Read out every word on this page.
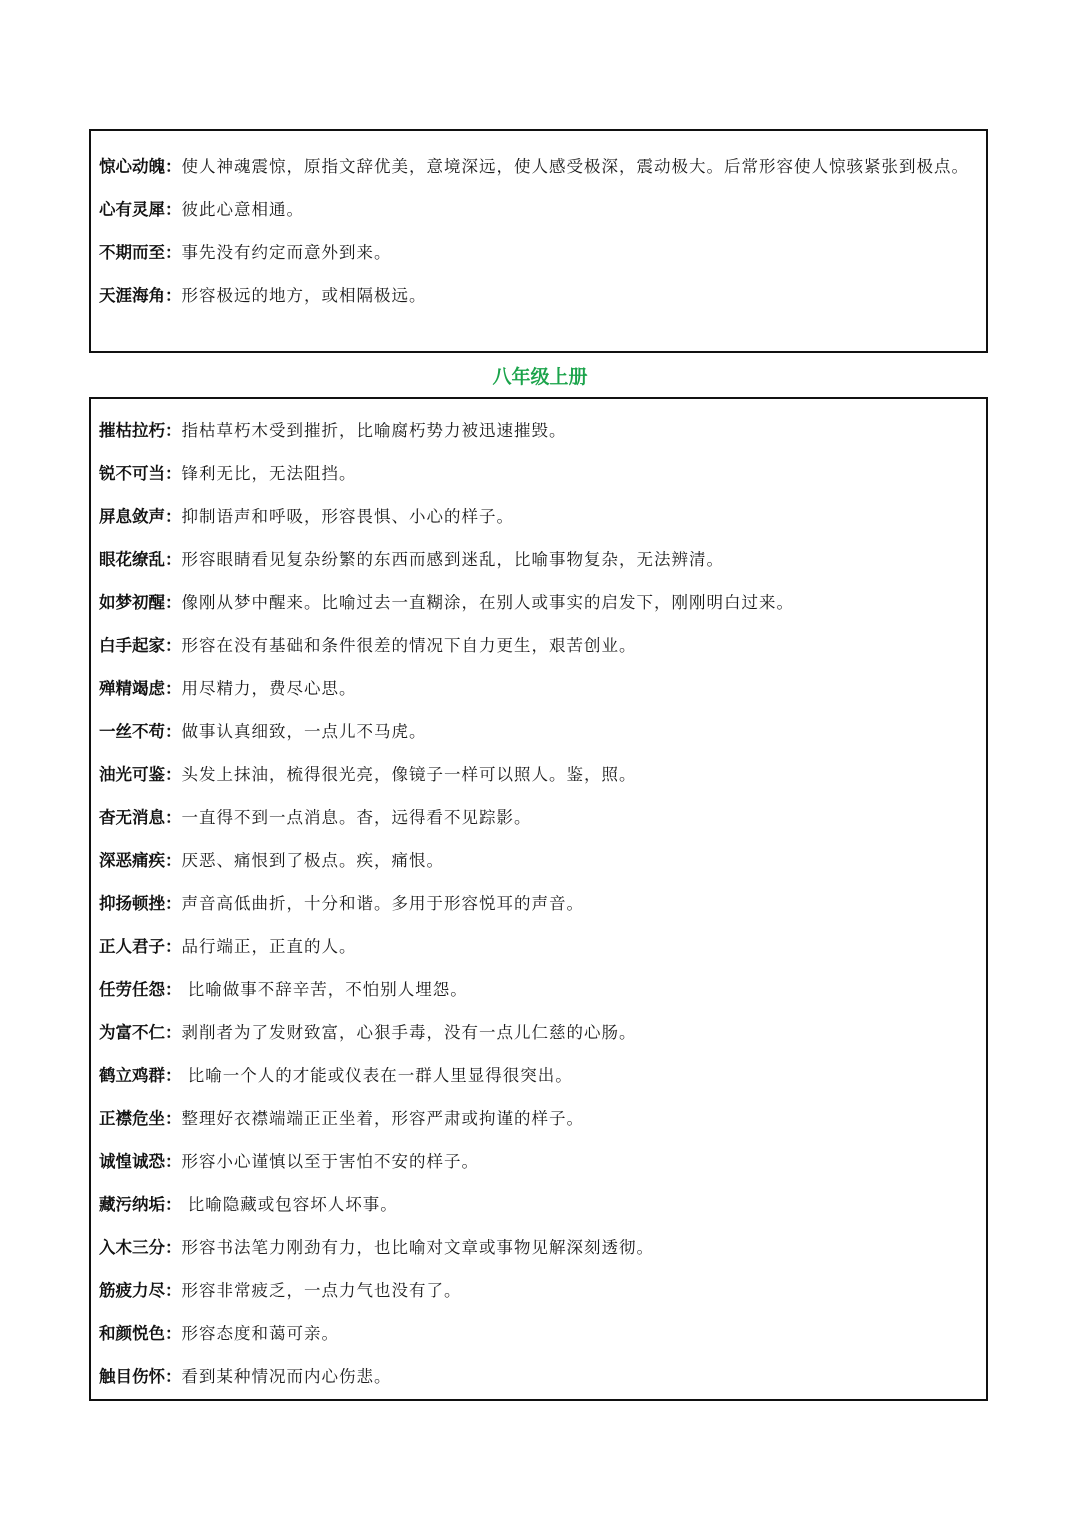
惊心动魄：使人神魂震惊，原指文辞优美，意境深远，使人感受极深，震动极大。后常形容使人惊骇紧张到极点。
心有灵犀：彼此心意相通。
不期而至：事先没有约定而意外到来。
天涯海角：形容极远的地方，或相隔极远。
八年级上册
摧枯拉朽：指枯草朽木受到摧折，比喻腐朽势力被迅速摧毁。
锐不可当：锋利无比，无法阻挡。
屏息敛声：抑制语声和呼吸，形容畏惧、小心的样子。
眼花缭乱：形容眼睛看见复杂纷繁的东西而感到迷乱，比喻事物复杂，无法辨清。
如梦初醒：像刚从梦中醒来。比喻过去一直糊涂，在别人或事实的启发下，刚刚明白过来。
白手起家：形容在没有基础和条件很差的情况下自力更生，艰苦创业。
殚精竭虑：用尽精力，费尽心思。
一丝不苟：做事认真细致，一点儿不马虎。
油光可鉴：头发上抹油，梳得很光亮，像镜子一样可以照人。鉴，照。
杳无消息：一直得不到一点消息。杳，远得看不见踪影。
深恶痛疾：厌恶、痛恨到了极点。疾，痛恨。
抑扬顿挫：声音高低曲折，十分和谐。多用于形容悦耳的声音。
正人君子：品行端正，正直的人。
任劳任怨： 比喻做事不辞辛苦，不怕别人埋怨。
为富不仁：剥削者为了发财致富，心狠手毒，没有一点儿仁慈的心肠。
鹤立鸡群： 比喻一个人的才能或仪表在一群人里显得很突出。
正襟危坐：整理好衣襟端端正正坐着，形容严肃或拘谨的样子。
诚惶诚恐：形容小心谨慎以至于害怕不安的样子。
藏污纳垢： 比喻隐藏或包容坏人坏事。
入木三分：形容书法笔力刚劲有力，也比喻对文章或事物见解深刻透彻。
筋疲力尽：形容非常疲乏，一点力气也没有了。
和颜悦色：形容态度和蔼可亲。
触目伤怀：看到某种情况而内心伤悲。
